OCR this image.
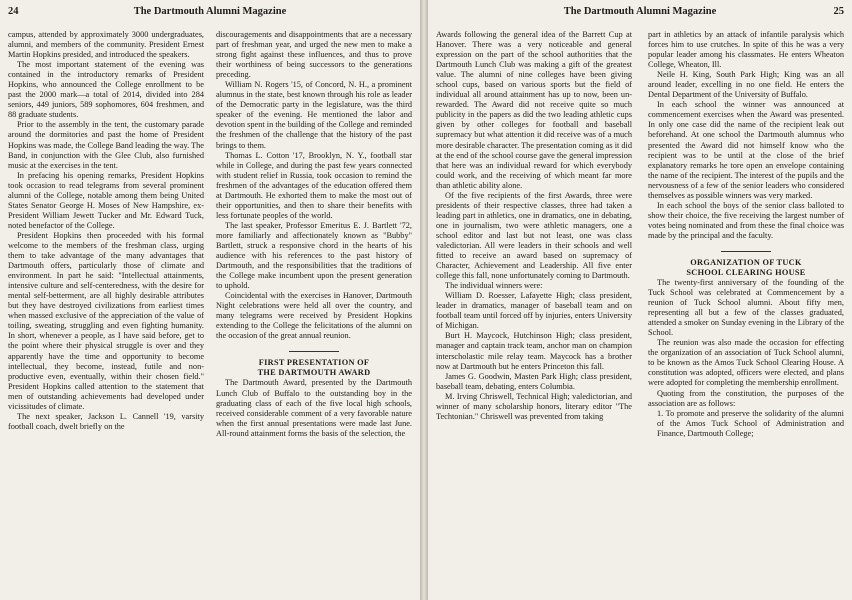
24	The Dartmouth Alumni Magazine

campus, attended by approximately 3000 undergraduates, alumni, and members of the community. President Ernest Martin Hopkins presided, and introduced the speakers.

The most important statement of the evening was contained in the introductory remarks of President Hopkins, who announced the College enrollment to be past the 2000 mark—a total of 2014, divided into 284 seniors, 449 juniors, 589 sophomores, 604 freshmen, and 88 graduate students.

Prior to the assembly in the tent, the customary parade around the dormitories and past the home of President Hopkins was made, the College Band leading the way. The Band, in conjunction with the Glee Club, also furnished music at the exercises in the tent.

In prefacing his opening remarks, President Hopkins took occasion to read telegrams from several prominent alumni of the College, notable among them being United States Senator George H. Moses of New Hampshire, ex-President William Jewett Tucker and Mr. Edward Tuck, noted benefactor of the College.

President Hopkins then proceeded with his formal welcome to the members of the freshman class, urging them to take advantage of the many advantages that Dartmouth offers, particularly those of climate and environment. In part he said: "Intellectual attainments, intensive culture and self-centeredness, with the desire for mental self-betterment, are all highly desirable attributes but they have destroyed civilizations from earliest times when massed exclusive of the appreciation of the value of toiling, sweating, struggling and even fighting humanity. In short, whenever a people, as I have said before, get to the point where their physical struggle is over and they apparently have the time and opportunity to become intellectual, they become, instead, futile and non-productive even, eventually, within their chosen field." President Hopkins called attention to the statement that men of outstanding achievements had developed under vicissitudes of climate.

The next speaker, Jackson L. Cannell '19, varsity football coach, dwelt briefly on the

discouragements and disappointments that are a necessary part of freshman year, and urged the new men to make a strong fight against these influences, and thus to prove their worthiness of being successors to the generations preceding.

William N. Rogers '15, of Concord, N. H., a prominent alumnus in the state, best known through his role as leader of the Democratic party in the legislature, was the third speaker of the evening. He mentioned the labor and devotion spent in the building of the College and reminded the freshmen of the challenge that the history of the past brings to them.

Thomas L. Cotton '17, Brooklyn, N. Y., football star while in College, and during the past few years connected with student relief in Russia, took occasion to remind the freshmen of the advantages of the education offered them at Dartmouth. He exhorted them to make the most out of their opportunities, and then to share their benefits with less fortunate peoples of the world.

The last speaker, Professor Emeritus E. J. Bartlett '72, more familiarly and affectionately known as "Bubby" Bartlett, struck a responsive chord in the hearts of his audience with his references to the past history of Dartmouth, and the responsibilities that the traditions of the College make incumbent upon the present generation to uphold.

Coincidental with the exercises in Hanover, Dartmouth Night celebrations were held all over the country, and many telegrams were received by President Hopkins extending to the College the felicitations of the alumni on the occasion of the great annual reunion.

FIRST PRESENTATION OF
THE DARTMOUTH AWARD

The Dartmouth Award, presented by the Dartmouth Lunch Club of Buffalo to the outstanding boy in the graduating class of each of the five local high schools, received considerable comment of a very favorable nature when the first annual presentations were made last June. All-round attainment forms the basis of the selection, the

The Dartmouth Alumni Magazine	25

Awards following the general idea of the Barrett Cup at Hanover. There was a very noticeable and general expression on the part of the school authorities that the Dartmouth Lunch Club was making a gift of the greatest value. The alumni of nine colleges have been giving school cups, based on various sports but the field of individual all around attainment has up to now, been un-rewarded. The Award did not receive quite so much publicity in the papers as did the two leading athletic cups given by other colleges for football and baseball supremacy but what attention it did receive was of a much more desirable character. The presentation coming as it did at the end of the school course gave the general impression that here was an individual reward for which everybody could work, and the receiving of which meant far more than athletic ability alone.

Of the five recipients of the first Awards, three were presidents of their respective classes, three had taken a leading part in athletics, one in dramatics, one in debating, one in journalism, two were athletic managers, one a school editor and last but not least, one was class valedictorian. All were leaders in their schools and well fitted to receive an award based on supremacy of Character, Achievement and Leadership. All five enter college this fall, none unfortunately coming to Dartmouth.

The individual winners were:

William D. Roesser, Lafayette High; class president, leader in dramatics, manager of baseball team and on football team until forced off by injuries, enters University of Michigan.

Burt H. Maycock, Hutchinson High; class president, manager and captain track team, anchor man on champion interscholastic mile relay team. Maycock has a brother now at Dartmouth but he enters Princeton this fall.

James G. Goodwin, Masten Park High; class president, baseball team, debating, enters Columbia.

M. Irving Chriswell, Technical High; valedictorian, and winner of many scholarship honors, literary editor "The Techtonian." Chriswell was prevented from taking

part in athletics by an attack of infantile paralysis which forces him to use crutches. In spite of this he was a very popular leader among his classmates. He enters Wheaton College, Wheaton, Ill.

Neile H. King, South Park High; King was an all around leader, excelling in no one field. He enters the Dental Department of the University of Buffalo.

In each school the winner was announced at commencement exercises when the Award was presented. In only one case did the name of the recipient leak out beforehand. At one school the Dartmouth alumnus who presented the Award did not himself know who the recipient was to be until at the close of the brief explanatory remarks he tore open an envelope containing the name of the recipient. The interest of the pupils and the nervousness of a few of the senior leaders who considered themselves as possible winners was very marked.

In each school the boys of the senior class balloted to show their choice, the five receiving the largest number of votes being nominated and from these the final choice was made by the principal and the faculty.

ORGANIZATION OF TUCK
SCHOOL CLEARING HOUSE

The twenty-first anniversary of the founding of the Tuck School was celebrated at Commencement by a reunion of Tuck School alumni. About fifty men, representing all but a few of the classes graduated, attended a smoker on Sunday evening in the Library of the School.

The reunion was also made the occasion for effecting the organization of an association of Tuck School alumni, to be known as the Amos Tuck School Clearing House. A constitution was adopted, officers were elected, and plans were adopted for completing the membership enrollment.

Quoting from the constitution, the purposes of the association are as follows:

1. To promote and preserve the solidarity of the alumni of the Amos Tuck School of Administration and Finance, Dartmouth College;
